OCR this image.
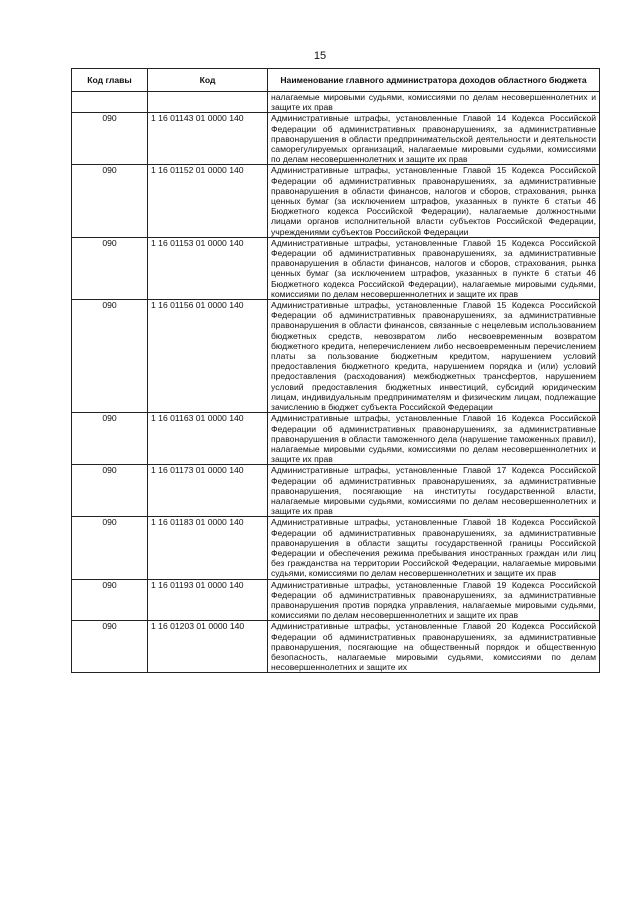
15
Код главы	Код	Наименование главного администратора доходов областного бюджета
		налагаемые мировыми судьями, комиссиями по делам несовершеннолетних и защите их прав
090	1 16 01143 01 0000 140	Административные штрафы, установленные Главой 14 Кодекса Российской Федерации об административных правонарушениях, за административные правонарушения в области предпринимательской деятельности и деятельности саморегулируемых организаций, налагаемые мировыми судьями, комиссиями по делам несовершеннолетних и защите их прав
090	1 16 01152 01 0000 140	Административные штрафы, установленные Главой 15 Кодекса Российской Федерации об административных правонарушениях, за административные правонарушения в области финансов, налогов и сборов, страхования, рынка ценных бумаг (за исключением штрафов, указанных в пункте 6 статьи 46 Бюджетного кодекса Российской Федерации), налагаемые должностными лицами органов исполнительной власти субъектов Российской Федерации, учреждениями субъектов Российской Федерации
090	1 16 01153 01 0000 140	Административные штрафы, установленные Главой 15 Кодекса Российской Федерации об административных правонарушениях, за административные правонарушения в области финансов, налогов и сборов, страхования, рынка ценных бумаг (за исключением штрафов, указанных в пункте 6 статьи 46 Бюджетного кодекса Российской Федерации), налагаемые мировыми судьями, комиссиями по делам несовершеннолетних и защите их прав
090	1 16 01156 01 0000 140	Административные штрафы, установленные Главой 15 Кодекса Российской Федерации об административных правонарушениях, за административные правонарушения в области финансов, связанные с нецелевым использованием бюджетных средств, невозвратом либо несвоевременным возвратом бюджетного кредита, неперечислением либо несвоевременным перечислением платы за пользование бюджетным кредитом, нарушением условий предоставления бюджетного кредита, нарушением порядка и (или) условий предоставления (расходования) межбюджетных трансфертов, нарушением условий предоставления бюджетных инвестиций, субсидий юридическим лицам, индивидуальным предпринимателям и физическим лицам, подлежащие зачислению в бюджет субъекта Российской Федерации
090	1 16 01163 01 0000 140	Административные штрафы, установленные Главой 16 Кодекса Российской Федерации об административных правонарушениях, за административные правонарушения в области таможенного дела (нарушение таможенных правил), налагаемые мировыми судьями, комиссиями по делам несовершеннолетних и защите их прав
090	1 16 01173 01 0000 140	Административные штрафы, установленные Главой 17 Кодекса Российской Федерации об административных правонарушениях, за административные правонарушения, посягающие на институты государственной власти, налагаемые мировыми судьями, комиссиями по делам несовершеннолетних и защите их прав
090	1 16 01183 01 0000 140	Административные штрафы, установленные Главой 18 Кодекса Российской Федерации об административных правонарушениях, за административные правонарушения в области защиты государственной границы Российской Федерации и обеспечения режима пребывания иностранных граждан или лиц без гражданства на территории Российской Федерации, налагаемые мировыми судьями, комиссиями по делам несовершеннолетних и защите их прав
090	1 16 01193 01 0000 140	Административные штрафы, установленные Главой 19 Кодекса Российской Федерации об административных правонарушениях, за административные правонарушения против порядка управления, налагаемые мировыми судьями, комиссиями по делам несовершеннолетних и защите их прав
090	1 16 01203 01 0000 140	Административные штрафы, установленные Главой 20 Кодекса Российской Федерации об административных правонарушениях, за административные правонарушения, посягающие на общественный порядок и общественную безопасность, налагаемые мировыми судьями, комиссиями по делам несовершеннолетних и защите их
